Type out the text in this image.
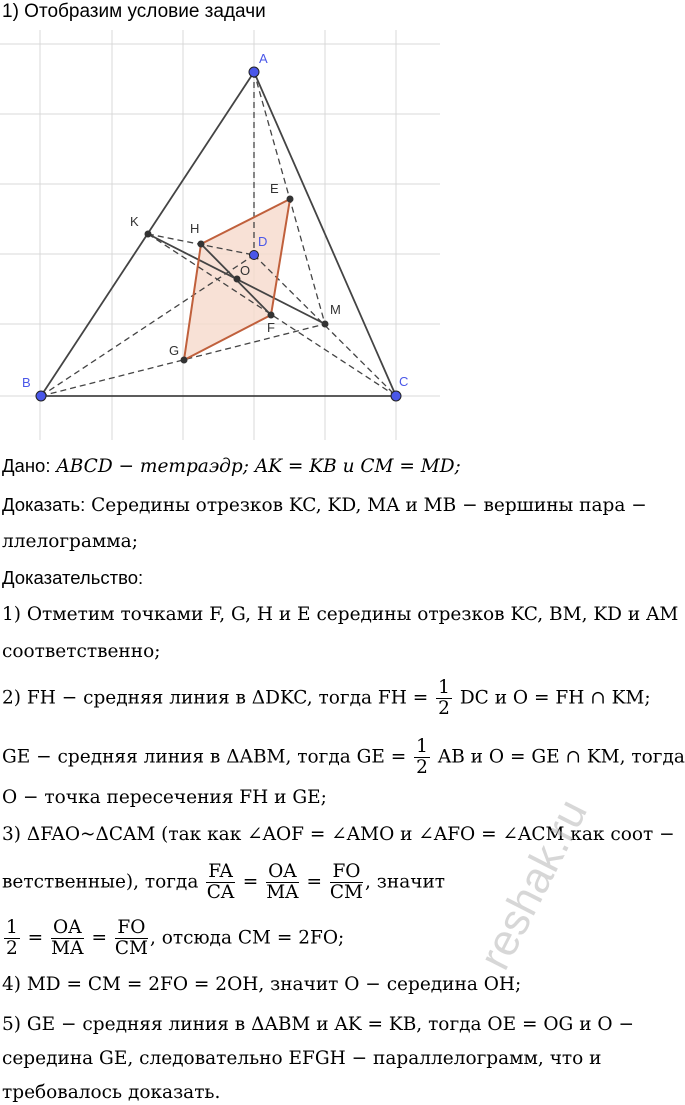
1) Отобразим условие задачи
A
B	C
D
E
F
G
H
K
M
O
Дано: ABCD − тетраэдр; AK = KB и CM = MD;
Доказать: Середины отрезков KC, KD, MA и MB − вершины пара −
ллелограмма;
Доказательство:
1) Отметим точками F, G, H и E середины отрезков KC, BM, KD и AM
соответственно;
2) FH − средняя линия в ΔDKC, тогда FH = $\frac{1}{2}$ DC и O = FH ∩ KM;
GE − средняя линия в ΔABM, тогда GE = $\frac{1}{2}$ AB и O = GE ∩ KM, тогда
O − точка пересечения FH и GE;
3) ΔFAO~ΔCAM (так как ∠AOF = ∠AMO и ∠AFO = ∠ACM как соот −
ветственные), тогда $\frac{FA}{CA} = \frac{OA}{MA} = \frac{FO}{CM}$ , значит
$\frac{1}{2} = \frac{OA}{MA} = \frac{FO}{CM}$ , отсюда CM = 2FO;
4) MD = CM = 2FO = 2OH, значит O − середина OH;
5) GE − средняя линия в ΔABM и AK = KB, тогда OE = OG и O −
середина GE, следовательно EFGH − параллелограмм, что и
требовалось доказать.
reshak.ru
